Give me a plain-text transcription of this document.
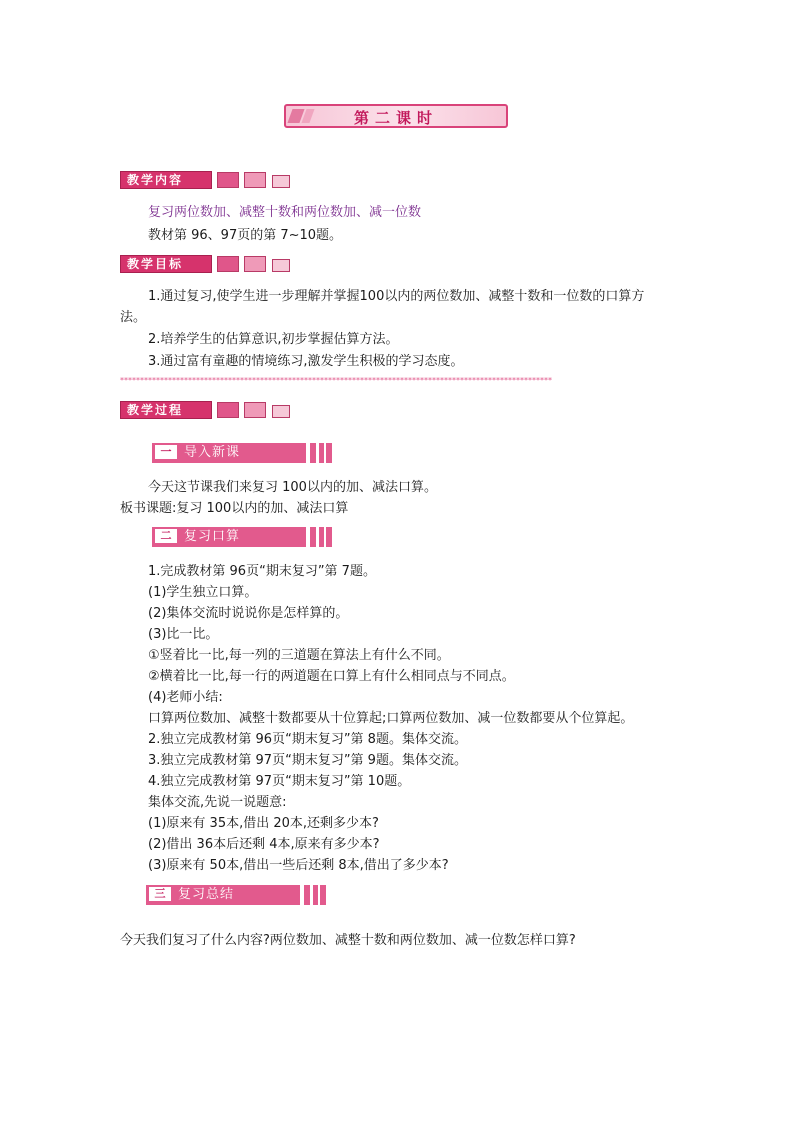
第二课时
教学内容
复习两位数加、减整十数和两位数加、减一位数
教材第 96、97页的第 7~10题。
教学目标
1.通过复习,使学生进一步理解并掌握100以内的两位数加、减整十数和一位数的口算方
法。
2.培养学生的估算意识,初步掌握估算方法。
3.通过富有童趣的情境练习,激发学生积极的学习态度。
************************************************************************************************************
教学过程
一 导入新课
今天这节课我们来复习 100以内的加、减法口算。
板书课题:复习 100以内的加、减法口算
二 复习口算
1.完成教材第 96页“期末复习”第 7题。
(1)学生独立口算。
(2)集体交流时说说你是怎样算的。
(3)比一比。
①竖着比一比,每一列的三道题在算法上有什么不同。
②横着比一比,每一行的两道题在口算上有什么相同点与不同点。
(4)老师小结:
口算两位数加、减整十数都要从十位算起;口算两位数加、减一位数都要从个位算起。
2.独立完成教材第 96页“期末复习”第 8题。集体交流。
3.独立完成教材第 97页“期末复习”第 9题。集体交流。
4.独立完成教材第 97页“期末复习”第 10题。
集体交流,先说一说题意:
(1)原来有 35本,借出 20本,还剩多少本?
(2)借出 36本后还剩 4本,原来有多少本?
(3)原来有 50本,借出一些后还剩 8本,借出了多少本?
三 复习总结
今天我们复习了什么内容?两位数加、减整十数和两位数加、减一位数怎样口算?
